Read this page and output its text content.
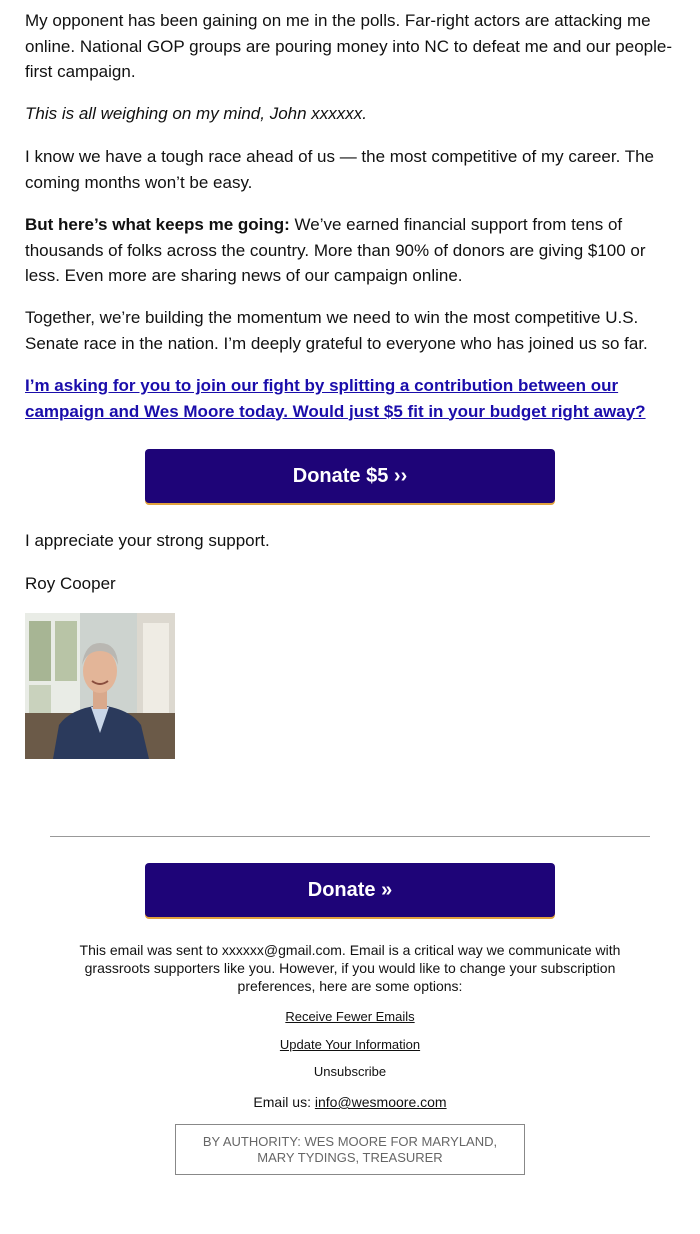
My opponent has been gaining on me in the polls. Far-right actors are attacking me online. National GOP groups are pouring money into NC to defeat me and our people-first campaign.

This is all weighing on my mind, John xxxxxx.

I know we have a tough race ahead of us — the most competitive of my career. The coming months won’t be easy.

But here’s what keeps me going: We’ve earned financial support from tens of thousands of folks across the country. More than 90% of donors are giving $100 or less. Even more are sharing news of our campaign online.

Together, we’re building the momentum we need to win the most competitive U.S. Senate race in the nation. I’m deeply grateful to everyone who has joined us so far.

I’m asking for you to join our fight by splitting a contribution between our campaign and Wes Moore today. Would just $5 fit in your budget right away?

Donate $5 ››

I appreciate your strong support.

Roy Cooper

Donate »

This email was sent to xxxxxx@gmail.com. Email is a critical way we communicate with grassroots supporters like you. However, if you would like to change your subscription preferences, here are some options:

Receive Fewer Emails
Update Your Information
Unsubscribe
Email us: info@wesmoore.com
BY AUTHORITY: WES MOORE FOR MARYLAND,
MARY TYDINGS, TREASURER
